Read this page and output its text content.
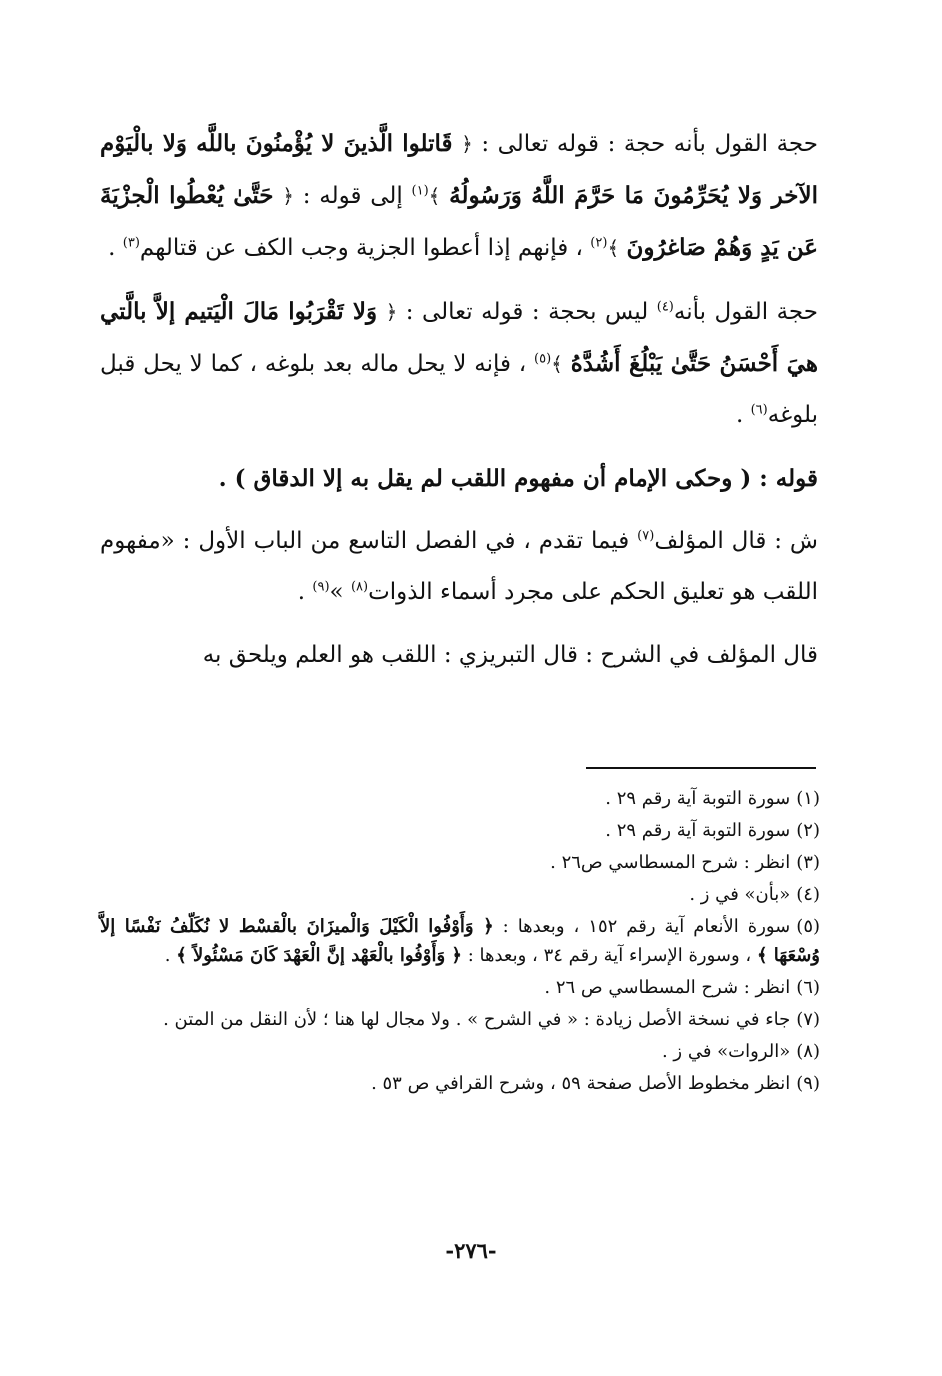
حجة القول بأنه حجة : قوله تعالى : ﴿ قَاتلوا الَّذينَ لا يُؤْمنُونَ باللَّه وَلا بالْيَوْم الآخر وَلا يُحَرِّمُونَ مَا حَرَّمَ اللَّهُ وَرَسُولُهُ ﴾$^{(١)}$ إلى قوله : ﴿ حَتَّىٰ يُعْطُوا الْجزْيَةَ عَن يَدٍ وَهُمْ صَاغرُونَ ﴾$^{(٢)}$ ، فإنهم إذا أعطوا الجزية وجب الكف عن قتالهم$^{(٣)}$ .

حجة القول بأنه$^{(٤)}$ ليس بحجة : قوله تعالى : ﴿ وَلا تَقْرَبُوا مَالَ الْيَتيم إلاَّ بالَّتي هيَ أَحْسَنُ حَتَّىٰ يَبْلُغَ أَشُدَّهُ ﴾$^{(٥)}$ ، فإنه لا يحل ماله بعد بلوغه ، كما لا يحل قبل بلوغه$^{(٦)}$ .

قوله : ( وحكى الإمام أن مفهوم اللقب لم يقل به إلا الدقاق ) .

ش : قال المؤلف$^{(٧)}$ فيما تقدم ، في الفصل التاسع من الباب الأول : «مفهوم اللقب هو تعليق الحكم على مجرد أسماء الذوات$^{(٨)}$ »$^{(٩)}$ .

قال المؤلف في الشرح : قال التبريزي : اللقب هو العلم ويلحق به

(١)سورة التوبة آية رقم ٢٩ .
(٢)سورة التوبة آية رقم ٢٩ .
(٣)انظر : شرح المسطاسي ص٢٦ .
(٤)«بأن» في ز .
(٥)سورة الأنعام آية رقم ١٥٢ ، وبعدها : ﴿ وَأَوْفُوا الْكَيْلَ وَالْميزَانَ بالْقسْط لا نُكَلّفُ نَفْسًا إلاَّ وُسْعَهَا ﴾ ، وسورة الإسراء آية رقم ٣٤ ، وبعدها : ﴿ وَأَوْفُوا بالْعَهْد إنَّ الْعَهْدَ كَانَ مَسْئُولاً ﴾ .
(٦)انظر : شرح المسطاسي ص ٢٦ .
(٧)جاء في نسخة الأصل زيادة : « في الشرح » . ولا مجال لها هنا ؛ لأن النقل من المتن .
(٨)«الروات» في ز .
(٩)انظر مخطوط الأصل صفحة ٥٩ ، وشرح القرافي ص ٥٣ .
-٢٧٦-
